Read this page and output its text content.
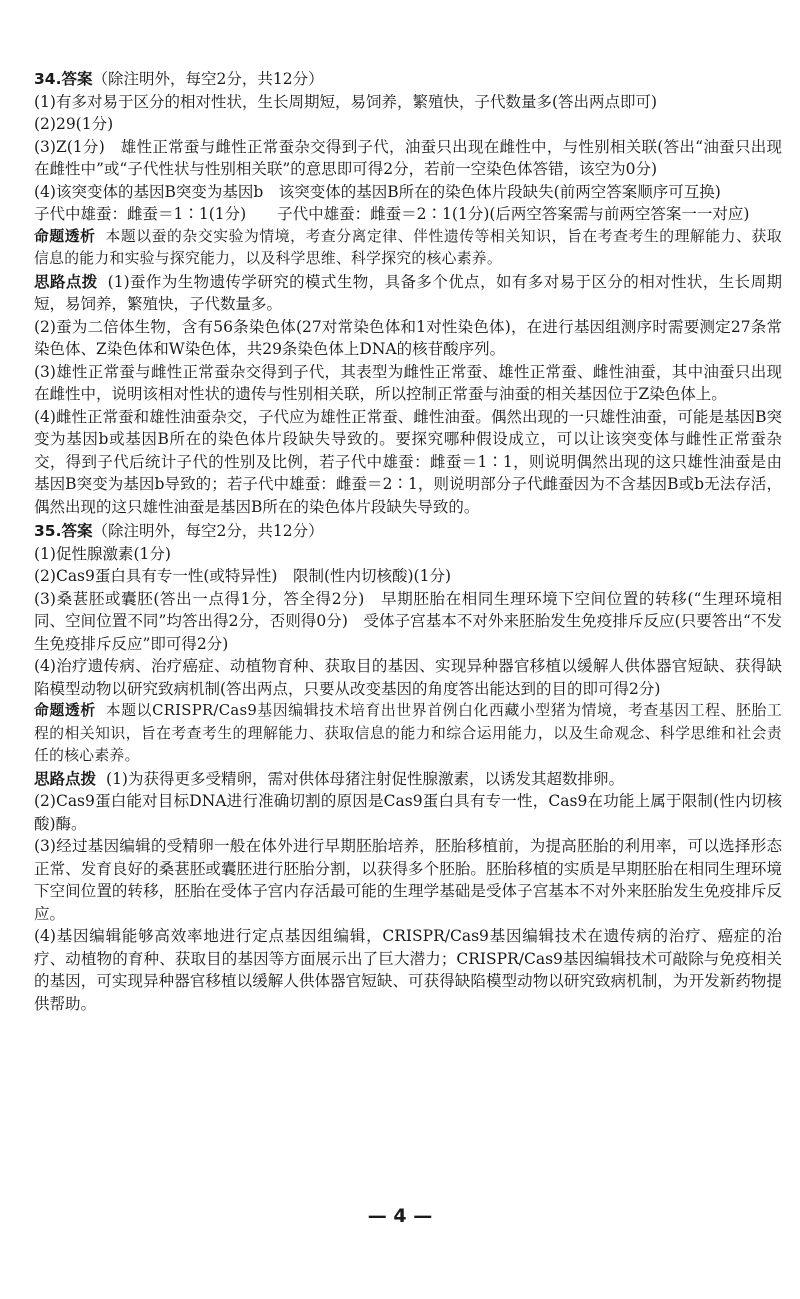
34.答案（除注明外，每空2分，共12分）

(1)有多对易于区分的相对性状，生长周期短，易饲养，繁殖快，子代数量多(答出两点即可)

(2)29(1分)

(3)Z(1分)　雄性正常蚕与雌性正常蚕杂交得到子代，油蚕只出现在雌性中，与性别相关联(答出“油蚕只出现在雌性中”或“子代性状与性别相关联”的意思即可得2分，若前一空染色体答错，该空为0分)

(4)该突变体的基因B突变为基因b　该突变体的基因B所在的染色体片段缺失(前两空答案顺序可互换)

子代中雄蚕：雌蚕＝1∶1(1分)　　子代中雄蚕：雌蚕＝2∶1(1分)(后两空答案需与前两空答案一一对应)

命题透析 本题以蚕的杂交实验为情境，考查分离定律、伴性遗传等相关知识，旨在考查考生的理解能力、获取信息的能力和实验与探究能力，以及科学思维、科学探究的核心素养。

思路点拨 (1)蚕作为生物遗传学研究的模式生物，具备多个优点，如有多对易于区分的相对性状，生长周期短，易饲养，繁殖快，子代数量多。

(2)蚕为二倍体生物，含有56条染色体(27对常染色体和1对性染色体)，在进行基因组测序时需要测定27条常染色体、Z染色体和W染色体，共29条染色体上DNA的核苷酸序列。

(3)雄性正常蚕与雌性正常蚕杂交得到子代，其表型为雌性正常蚕、雄性正常蚕、雌性油蚕，其中油蚕只出现在雌性中，说明该相对性状的遗传与性别相关联，所以控制正常蚕与油蚕的相关基因位于Z染色体上。

(4)雌性正常蚕和雄性油蚕杂交，子代应为雄性正常蚕、雌性油蚕。偶然出现的一只雄性油蚕，可能是基因B突变为基因b或基因B所在的染色体片段缺失导致的。要探究哪种假设成立，可以让该突变体与雌性正常蚕杂交，得到子代后统计子代的性别及比例，若子代中雄蚕：雌蚕＝1∶1，则说明偶然出现的这只雄性油蚕是由基因B突变为基因b导致的；若子代中雄蚕：雌蚕＝2∶1，则说明部分子代雌蚕因为不含基因B或b无法存活，偶然出现的这只雄性油蚕是基因B所在的染色体片段缺失导致的。

35.答案（除注明外，每空2分，共12分）

(1)促性腺激素(1分)

(2)Cas9蛋白具有专一性(或特异性)　限制(性内切核酸)(1分)

(3)桑葚胚或囊胚(答出一点得1分，答全得2分)　早期胚胎在相同生理环境下空间位置的转移(“生理环境相同、空间位置不同”均答出得2分，否则得0分)　受体子宫基本不对外来胚胎发生免疫排斥反应(只要答出“不发生免疫排斥反应”即可得2分)

(4)治疗遗传病、治疗癌症、动植物育种、获取目的基因、实现异种器官移植以缓解人供体器官短缺、获得缺陷模型动物以研究致病机制(答出两点，只要从改变基因的角度答出能达到的目的即可得2分)

命题透析 本题以CRISPR/Cas9基因编辑技术培育出世界首例白化西藏小型猪为情境，考查基因工程、胚胎工程的相关知识，旨在考查考生的理解能力、获取信息的能力和综合运用能力，以及生命观念、科学思维和社会责任的核心素养。

思路点拨 (1)为获得更多受精卵，需对供体母猪注射促性腺激素，以诱发其超数排卵。

(2)Cas9蛋白能对目标DNA进行准确切割的原因是Cas9蛋白具有专一性，Cas9在功能上属于限制(性内切核酸)酶。

(3)经过基因编辑的受精卵一般在体外进行早期胚胎培养，胚胎移植前，为提高胚胎的利用率，可以选择形态正常、发育良好的桑葚胚或囊胚进行胚胎分割，以获得多个胚胎。胚胎移植的实质是早期胚胎在相同生理环境下空间位置的转移，胚胎在受体子宫内存活最可能的生理学基础是受体子宫基本不对外来胚胎发生免疫排斥反应。

(4)基因编辑能够高效率地进行定点基因组编辑，CRISPR/Cas9基因编辑技术在遗传病的治疗、癌症的治疗、动植物的育种、获取目的基因等方面展示出了巨大潜力；CRISPR/Cas9基因编辑技术可敲除与免疫相关的基因，可实现异种器官移植以缓解人供体器官短缺、可获得缺陷模型动物以研究致病机制，为开发新药物提供帮助。

— 4 —
